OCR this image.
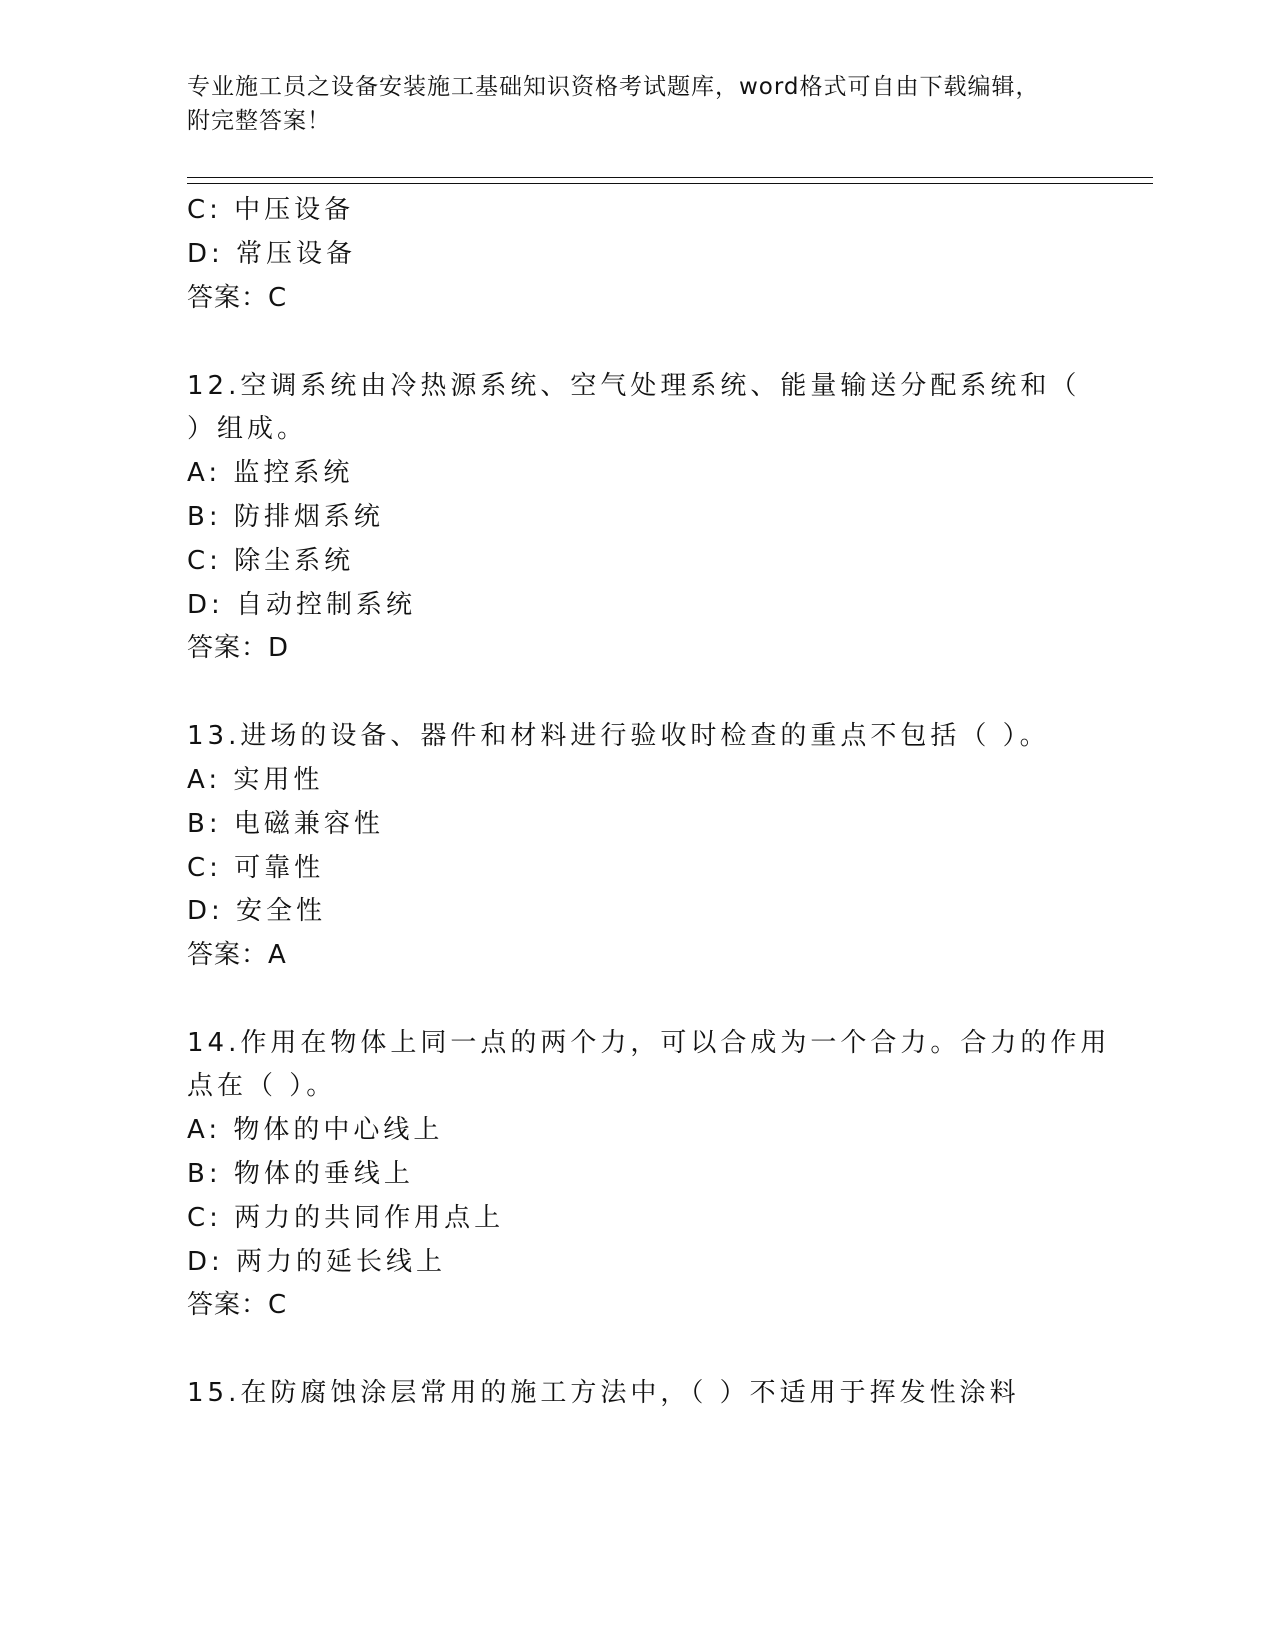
专业施工员之设备安装施工基础知识资格考试题库，word格式可自由下载编辑，
附完整答案！
C: 中压设备
D: 常压设备
答案：C
12.空调系统由冷热源系统、空气处理系统、能量输送分配系统和（
）组成。
A: 监控系统
B: 防排烟系统
C: 除尘系统
D: 自动控制系统
答案：D
13.进场的设备、器件和材料进行验收时检查的重点不包括（ ）。
A: 实用性
B: 电磁兼容性
C: 可靠性
D: 安全性
答案：A
14.作用在物体上同一点的两个力，可以合成为一个合力。合力的作用
点在（ ）。
A: 物体的中心线上
B: 物体的垂线上
C: 两力的共同作用点上
D: 两力的延长线上
答案：C
15.在防腐蚀涂层常用的施工方法中，（ ）不适用于挥发性涂料
